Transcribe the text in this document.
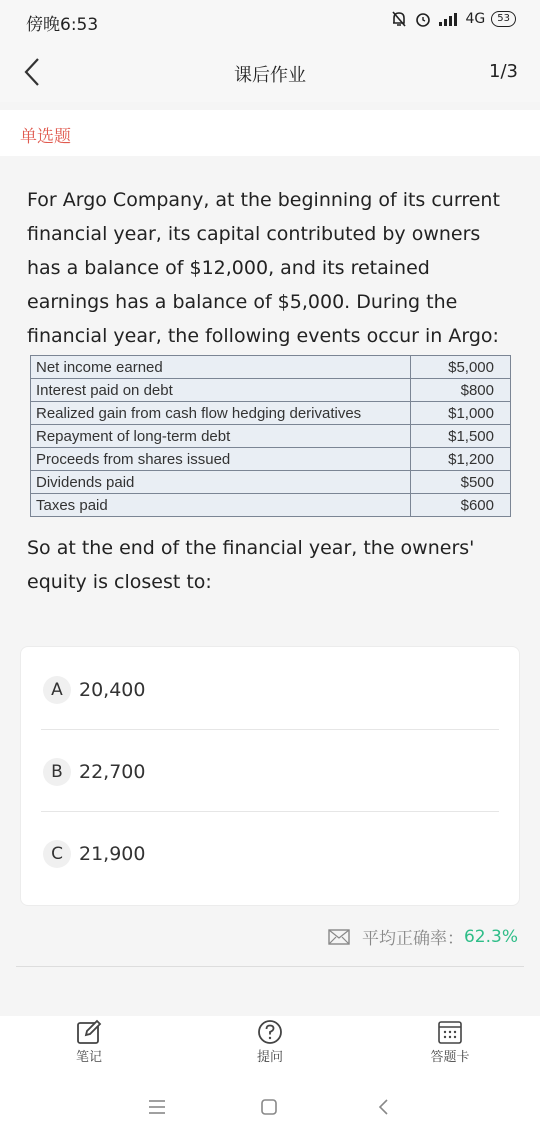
傍晚6:53	4G	53
课后作业	1/3
单选题
For Argo Company, at the beginning of its current financial year, its capital contributed by owners has a balance of $12,000, and its retained earnings has a balance of $5,000. During the financial year, the following events occur in Argo:
Net income earned	$5,000
Interest paid on debt	$800
Realized gain from cash flow hedging derivatives	$1,000
Repayment of long-term debt	$1,500
Proceeds from shares issued	$1,200
Dividends paid	$500
Taxes paid	$600
So at the end of the financial year, the owners' equity is closest to:
A 20,400
B 22,700
C 21,900
平均正确率： 62.3%
笔记	提问	答题卡
